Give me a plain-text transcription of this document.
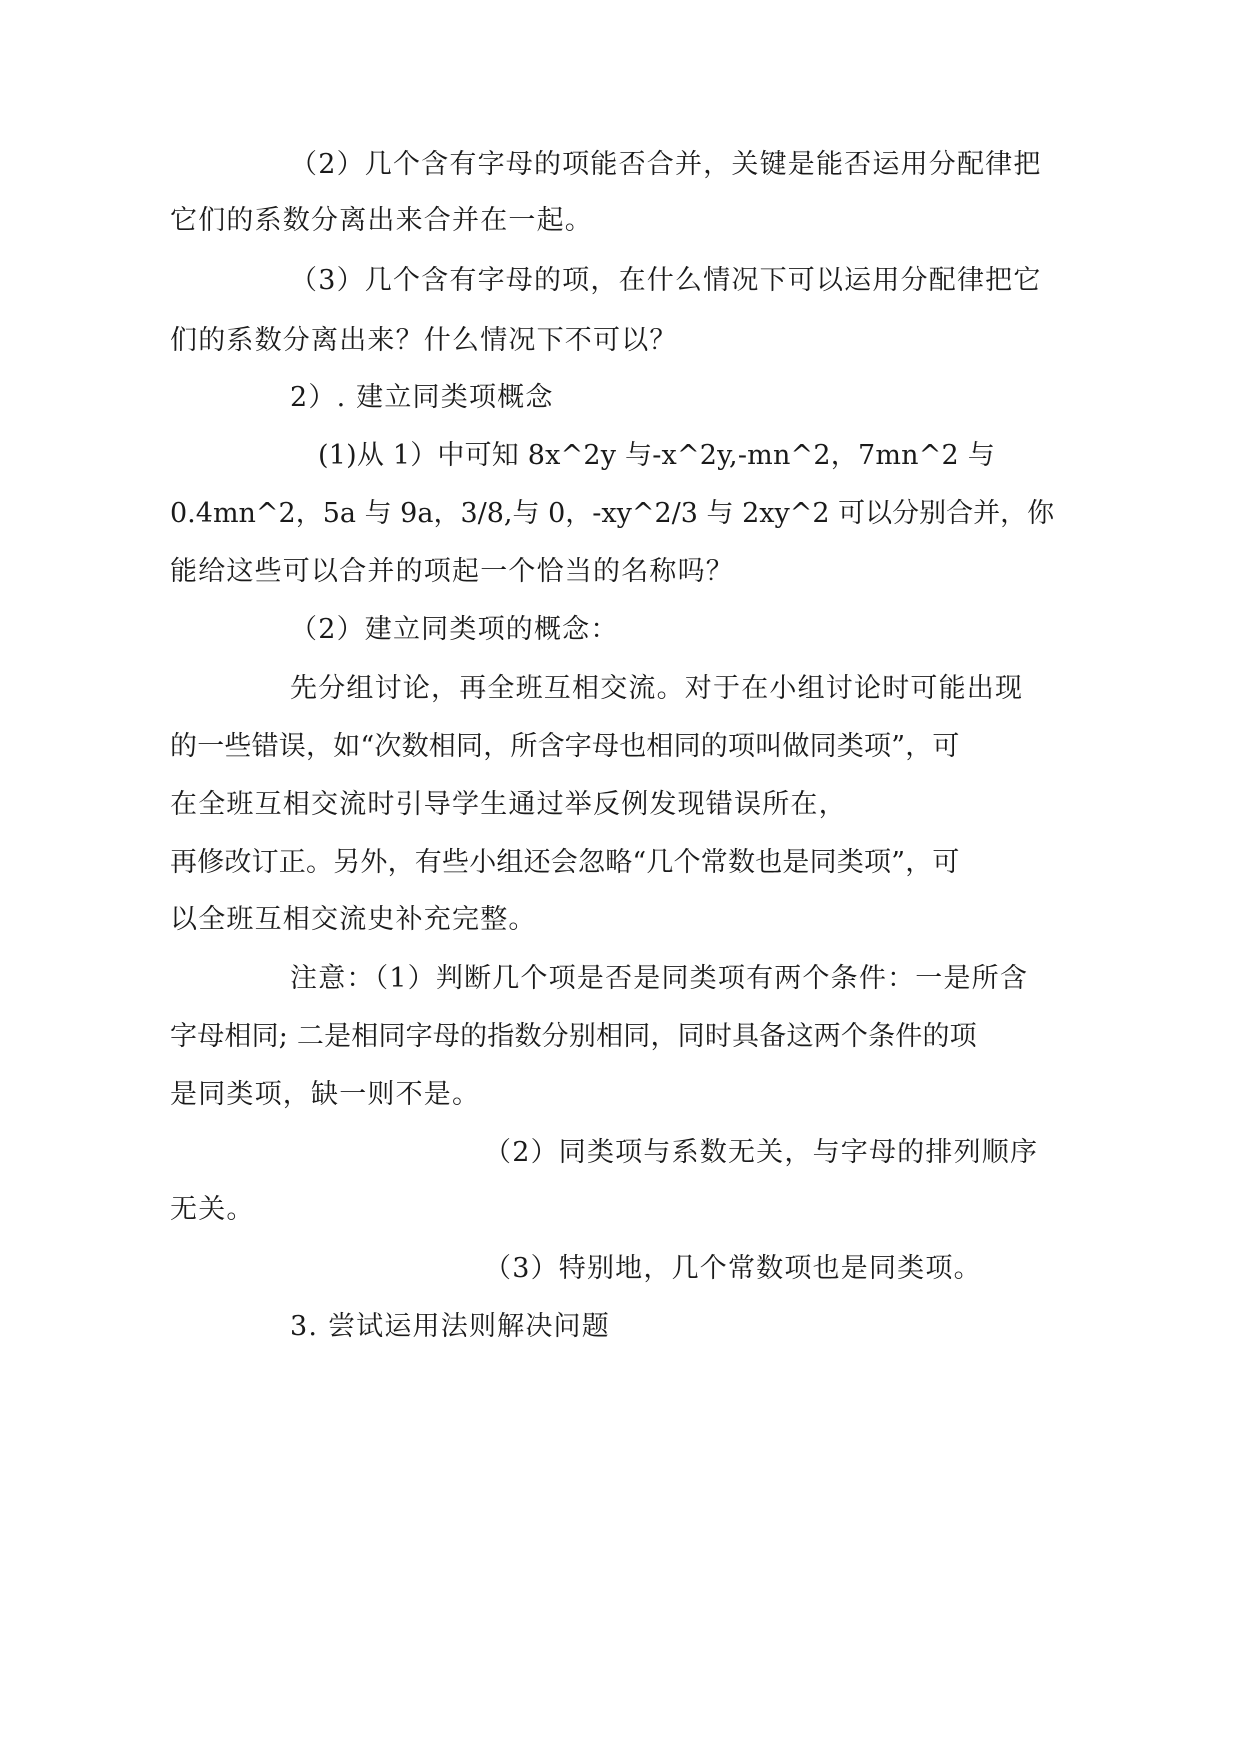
（2）几个含有字母的项能否合并，关键是能否运用分配律把
它们的系数分离出来合并在一起。
（3）几个含有字母的项，在什么情况下可以运用分配律把它
们的系数分离出来？什么情况下不可以？
2）. 建立同类项概念
(1)从 1）中可知 8x^2y 与-x^2y,-mn^2，7mn^2 与
0.4mn^2，5a 与 9a，3/8,与 0，-xy^2/3 与 2xy^2 可以分别合并，你
能给这些可以合并的项起一个恰当的名称吗？
（2）建立同类项的概念：
先分组讨论，再全班互相交流。对于在小组讨论时可能出现
的一些错误，如“次数相同，所含字母也相同的项叫做同类项”，可
在全班互相交流时引导学生通过举反例发现错误所在，
再修改订正。另外，有些小组还会忽略“几个常数也是同类项”，可
以全班互相交流史补充完整。
注意：（1）判断几个项是否是同类项有两个条件：一是所含
字母相同; 二是相同字母的指数分别相同，同时具备这两个条件的项
是同类项，缺一则不是。
（2）同类项与系数无关，与字母的排列顺序
无关。
（3）特别地，几个常数项也是同类项。
3. 尝试运用法则解决问题
